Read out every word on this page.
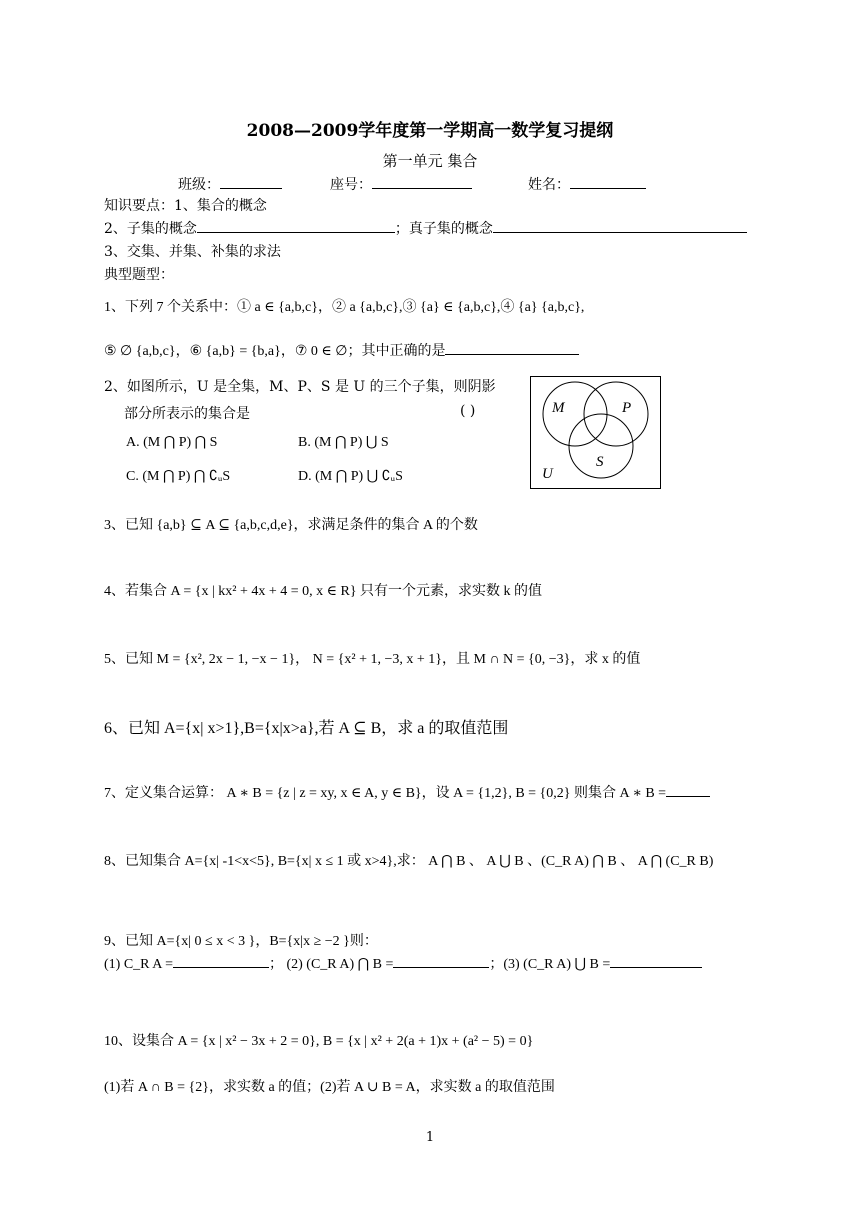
2008—2009学年度第一学期高一数学复习提纲
第一单元 集合
班级：	座号：	姓名：
知识要点：1、集合的概念
2、子集的概念	；真子集的概念
3、交集、并集、补集的求法
典型题型：
1、下列 7 个关系中：① a ∈ {a,b,c}，② a {a,b,c},③ {a} ∈ {a,b,c},④ {a} {a,b,c},
⑤ ∅ {a,b,c}，⑥ {a,b} = {b,a}，⑦ 0 ∈ ∅；其中正确的是
2、如图所示，U 是全集，M、P、S 是 U 的三个子集，则阴影
部分所表示的集合是	( )
A. (M ⋂ P) ⋂ S	B. (M ⋂ P) ⋃ S
C. (M ⋂ P) ⋂ ∁ᵤS	D. (M ⋂ P) ⋃ ∁ᵤS
M	P
S
U
3、已知 {a,b} ⊆ A ⊆ {a,b,c,d,e}，求满足条件的集合 A 的个数
4、若集合 A = {x | kx² + 4x + 4 = 0, x ∈ R} 只有一个元素，求实数 k 的值
5、已知 M = {x², 2x − 1, −x − 1}， N = {x² + 1, −3, x + 1}，且 M ∩ N = {0, −3}，求 x 的值
6、已知 A={x| x>1},B={x|x>a},若 A ⊆ B，求 a 的取值范围
7、定义集合运算： A ∗ B = {z | z = xy, x ∈ A, y ∈ B}，设 A = {1,2}, B = {0,2} 则集合 A ∗ B =
8、已知集合 A={x| -1<x<5}, B={x| x ≤ 1 或 x>4},求： A ⋂ B 、 A ⋃ B 、(C_R A) ⋂ B 、 A ⋂ (C_R B)
9、已知 A={x| 0 ≤ x < 3 }，B={x|x ≥ −2 }则：
(1) C_R A =	； (2) (C_R A) ⋂ B =	；(3) (C_R A) ⋃ B =
10、设集合 A = {x | x² − 3x + 2 = 0}, B = {x | x² + 2(a + 1)x + (a² − 5) = 0}
(1)若 A ∩ B = {2}，求实数 a 的值；(2)若 A ∪ B = A，求实数 a 的取值范围
1
